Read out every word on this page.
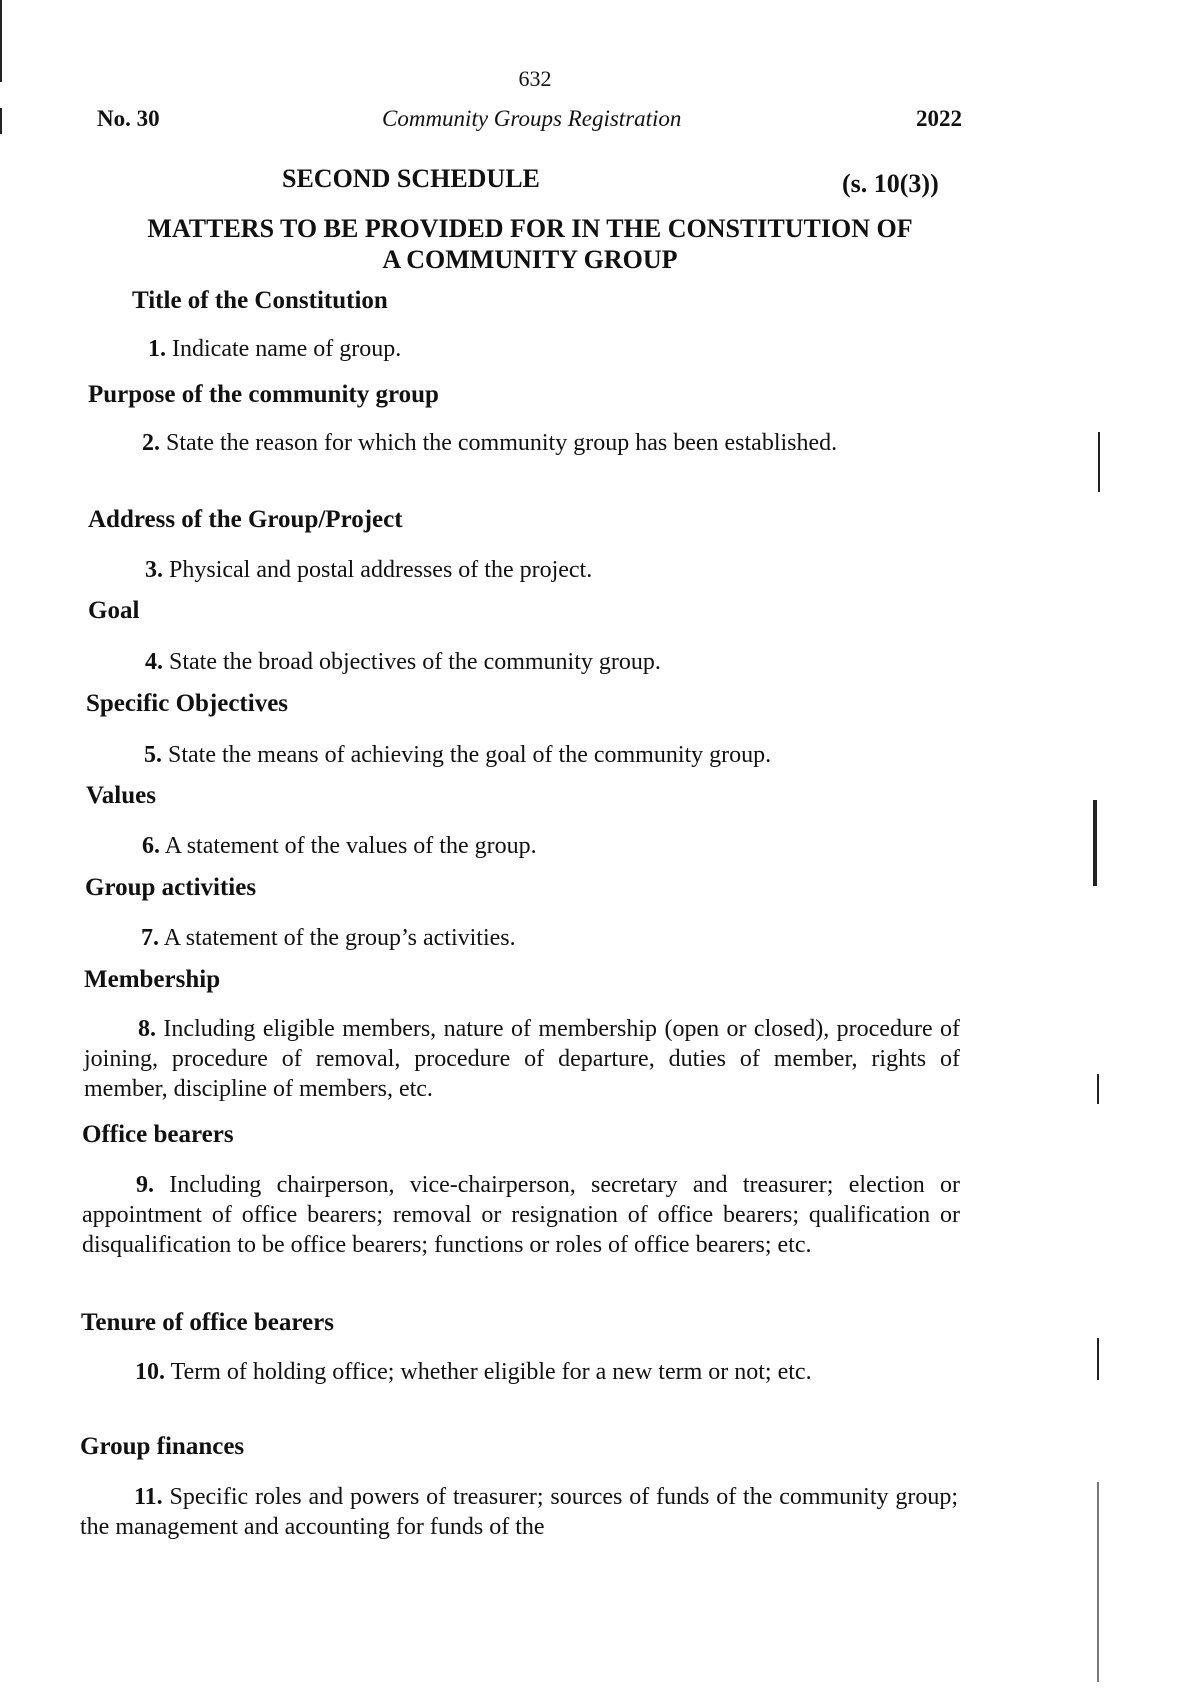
632
No. 30	Community Groups Registration	2022
SECOND SCHEDULE	(s. 10(3))
MATTERS TO BE PROVIDED FOR IN THE CONSTITUTION OF
A COMMUNITY GROUP
Title of the Constitution
1. Indicate name of group.
Purpose of the community group
2. State the reason for which the community group has been established.
Address of the Group/Project
3. Physical and postal addresses of the project.
Goal
4. State the broad objectives of the community group.
Specific Objectives
5. State the means of achieving the goal of the community group.
Values
6. A statement of the values of the group.
Group activities
7. A statement of the group’s activities.
Membership
8. Including eligible members, nature of membership (open or closed), procedure of joining, procedure of removal, procedure of departure, duties of member, rights of member, discipline of members, etc.
Office bearers
9. Including chairperson, vice-chairperson, secretary and treasurer; election or appointment of office bearers; removal or resignation of office bearers; qualification or disqualification to be office bearers; functions or roles of office bearers; etc.
Tenure of office bearers
10. Term of holding office; whether eligible for a new term or not; etc.
Group finances
11. Specific roles and powers of treasurer; sources of funds of the community group; the management and accounting for funds of the
